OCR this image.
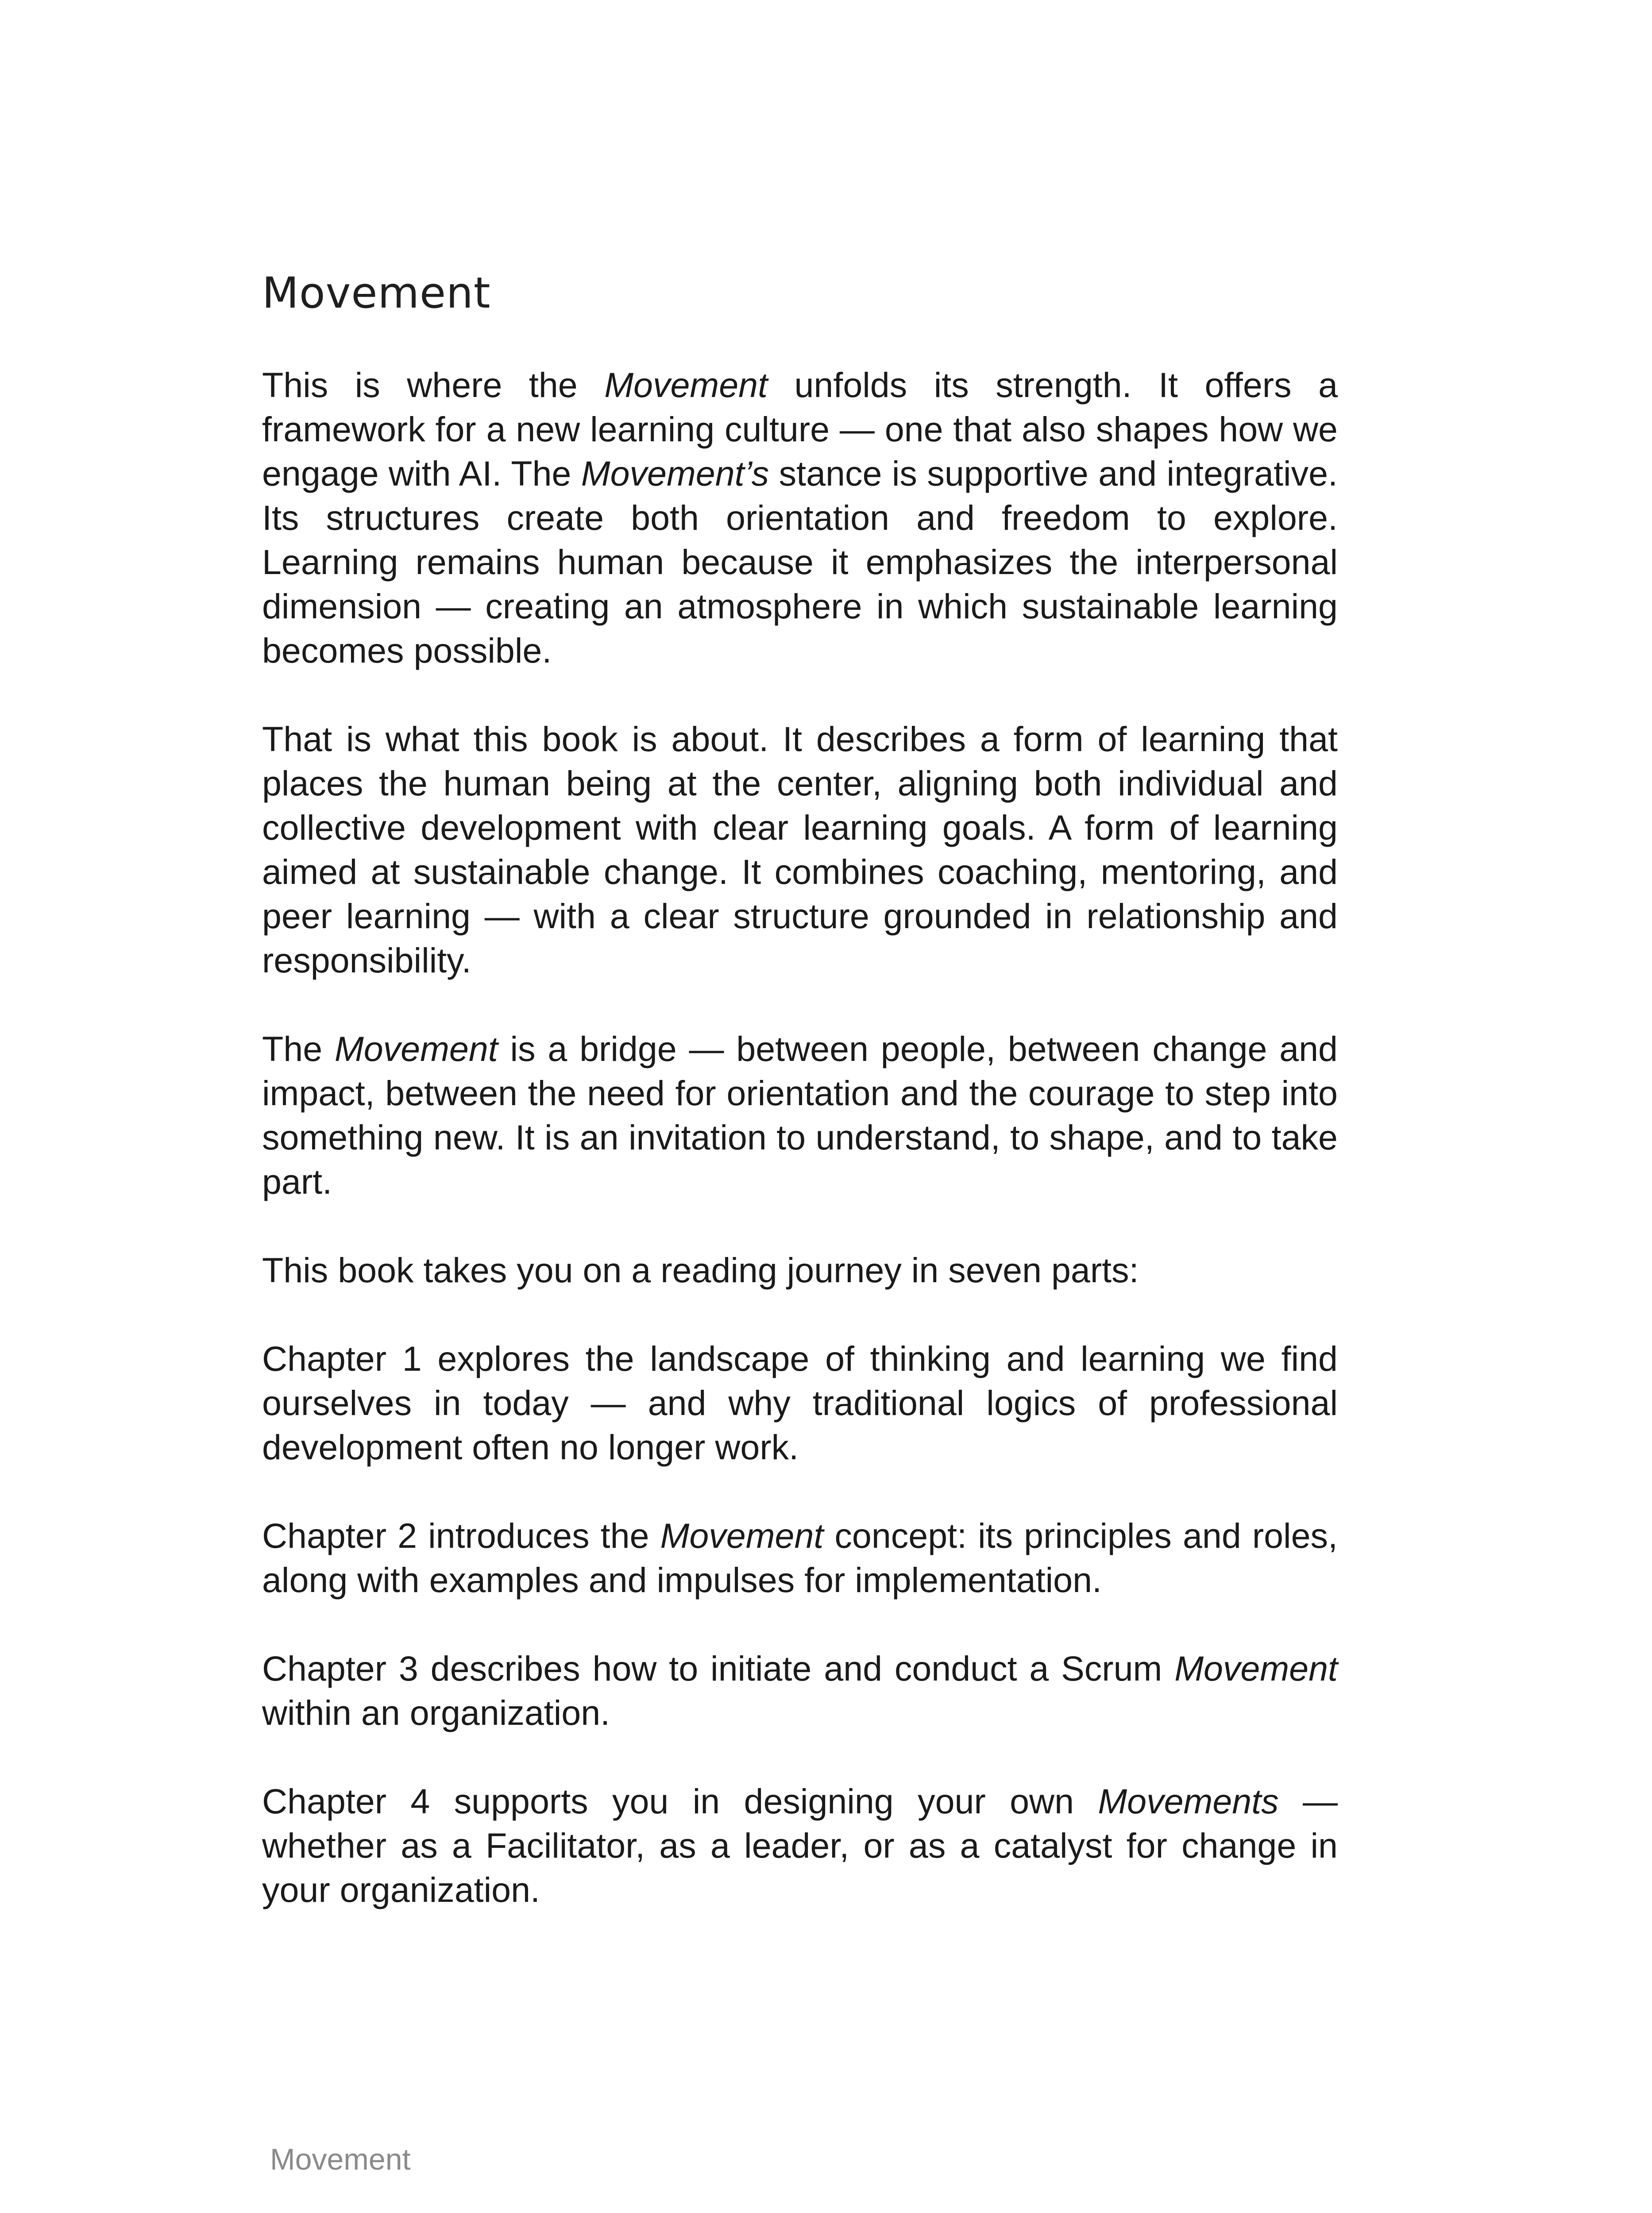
Movement

This is where the Movement unfolds its strength. It offers a framework for a new learning culture — one that also shapes how we engage with AI. The Movement’s stance is supportive and integrative. Its structures create both orientation and freedom to explore. Learning remains human because it emphasizes the interpersonal dimension — creating an atmosphere in which sustainable learning becomes possible.

That is what this book is about. It describes a form of learning that places the human being at the center, aligning both individual and collective development with clear learning goals. A form of learning aimed at sustainable change. It combines coaching, mentoring, and peer learning — with a clear structure grounded in relationship and responsibility.

The Movement is a bridge — between people, between change and impact, between the need for orientation and the courage to step into something new. It is an invitation to understand, to shape, and to take part.

This book takes you on a reading journey in seven parts:

Chapter 1 explores the landscape of thinking and learning we find ourselves in today — and why traditional logics of professional development often no longer work.

Chapter 2 introduces the Movement concept: its principles and roles, along with examples and impulses for implementation.

Chapter 3 describes how to initiate and conduct a Scrum Movement within an organization.

Chapter 4 supports you in designing your own Movements — whether as a Facilitator, as a leader, or as a catalyst for change in your organization.

Movement
